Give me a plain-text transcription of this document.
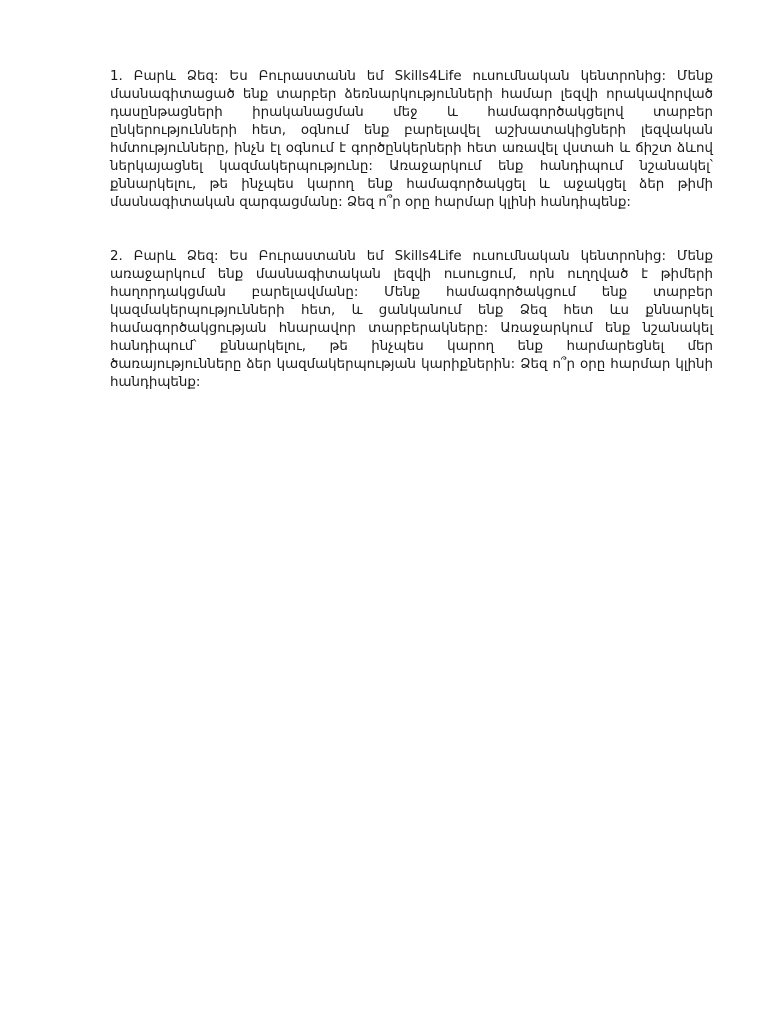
1. Բարև Ձեզ: Ես Բուրաստանն եմ Skills4Life ուսումնական կենտրոնից: Մենք մասնագիտացած ենք տարբեր ձեռնարկությունների համար լեզվի որակավորված դասընթացների իրականացման մեջ և համագործակցելով տարբեր ընկերությունների հետ, օգնում ենք բարելավել աշխատակիցների լեզվական հմտությունները, ինչն էլ օգնում է գործընկերների հետ առավել վստահ և ճիշտ ձևով ներկայացնել կազմակերպությունը: Առաջարկում ենք հանդիպում նշանակել՝ քննարկելու, թե ինչպես կարող ենք համագործակցել և աջակցել ձեր թիմի մասնագիտական զարգացմանը: Ձեզ ո՞ր օրը հարմար կլինի հանդիպենք:

2. Բարև Ձեզ: Ես Բուրաստանն եմ Skills4Life ուսումնական կենտրոնից: Մենք առաջարկում ենք մասնագիտական լեզվի ուսուցում, որն ուղղված է թիմերի հաղորդակցման բարելավմանը: Մենք համագործակցում ենք տարբեր կազմակերպությունների հետ, և ցանկանում ենք Ձեզ հետ ևս քննարկել համագործակցության հնարավոր տարբերակները: Առաջարկում ենք նշանակել հանդիպում՝ քննարկելու, թե ինչպես կարող ենք հարմարեցնել մեր ծառայությունները ձեր կազմակերպության կարիքներին: Ձեզ ո՞ր օրը հարմար կլինի հանդիպենք:
